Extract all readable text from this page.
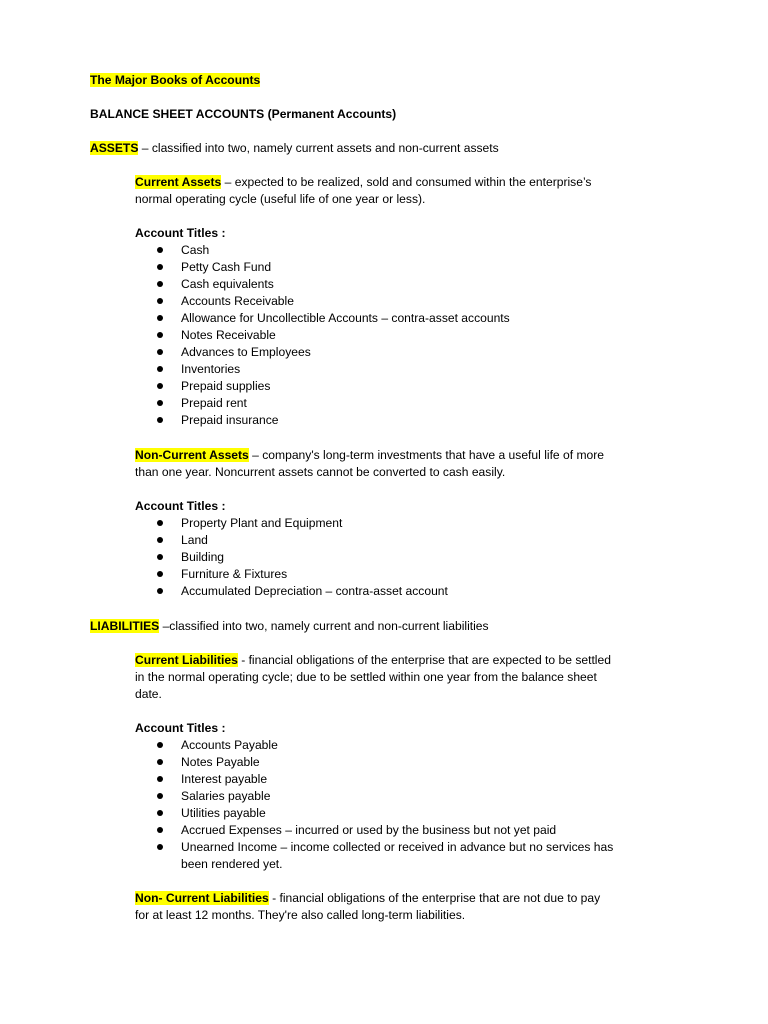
The Major Books of Accounts
BALANCE SHEET ACCOUNTS (Permanent Accounts)
ASSETS – classified into two, namely current assets and non-current assets
Current Assets – expected to be realized, sold and consumed within the enterprise’s
normal operating cycle (useful life of one year or less).
Account Titles :
Cash
Petty Cash Fund
Cash equivalents
Accounts Receivable
Allowance for Uncollectible Accounts – contra-asset accounts
Notes Receivable
Advances to Employees
Inventories
Prepaid supplies
Prepaid rent
Prepaid insurance
Non-Current Assets – company's long-term investments that have a useful life of more
than one year. Noncurrent assets cannot be converted to cash easily.
Account Titles :
Property Plant and Equipment
Land
Building
Furniture & Fixtures
Accumulated Depreciation – contra-asset account
LIABILITIES –classified into two, namely current and non-current liabilities
Current Liabilities - financial obligations of the enterprise that are expected to be settled
in the normal operating cycle; due to be settled within one year from the balance sheet
date.
Account Titles :
Accounts Payable
Notes Payable
Interest payable
Salaries payable
Utilities payable
Accrued Expenses – incurred or used by the business but not yet paid
Unearned Income – income collected or received in advance but no services has
been rendered yet.
Non- Current Liabilities - financial obligations of the enterprise that are not due to pay
for at least 12 months. They're also called long-term liabilities.
